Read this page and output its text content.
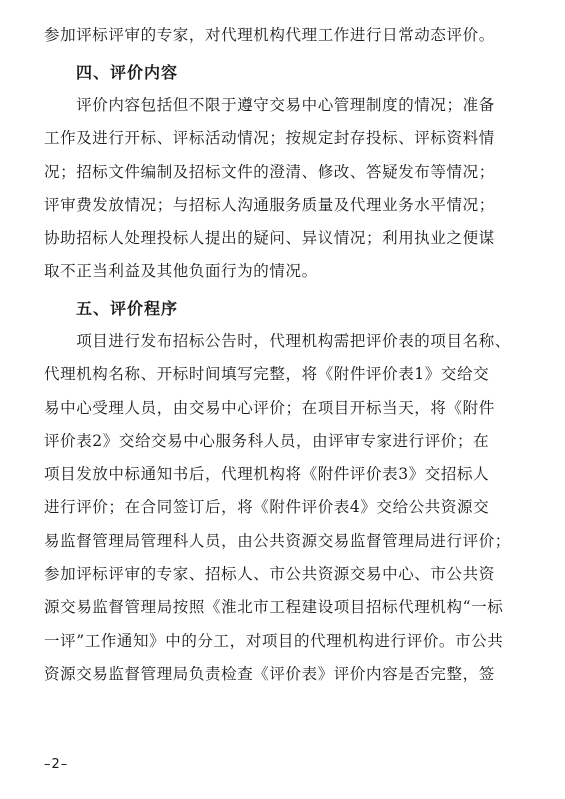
参加评标评审的专家，对代理机构代理工作进行日常动态评价。
四、评价内容
　　评价内容包括但不限于遵守交易中心管理制度的情况；准备
工作及进行开标、评标活动情况；按规定封存投标、评标资料情
况；招标文件编制及招标文件的澄清、修改、答疑发布等情况；
评审费发放情况；与招标人沟通服务质量及代理业务水平情况；
协助招标人处理投标人提出的疑问、异议情况；利用执业之便谋
取不正当利益及其他负面行为的情况。
五、评价程序
　　项目进行发布招标公告时，代理机构需把评价表的项目名称、
代理机构名称、开标时间填写完整，将《附件评价表1》交给交
易中心受理人员，由交易中心评价；在项目开标当天，将《附件
评价表2》交给交易中心服务科人员，由评审专家进行评价；在
项目发放中标通知书后，代理机构将《附件评价表3》交招标人
进行评价；在合同签订后，将《附件评价表4》交给公共资源交
易监督管理局管理科人员，由公共资源交易监督管理局进行评价；
参加评标评审的专家、招标人、市公共资源交易中心、市公共资
源交易监督管理局按照《淮北市工程建设项目招标代理机构“一标
一评”工作通知》中的分工，对项目的代理机构进行评价。市公共
资源交易监督管理局负责检查《评价表》评价内容是否完整，签
–2–
